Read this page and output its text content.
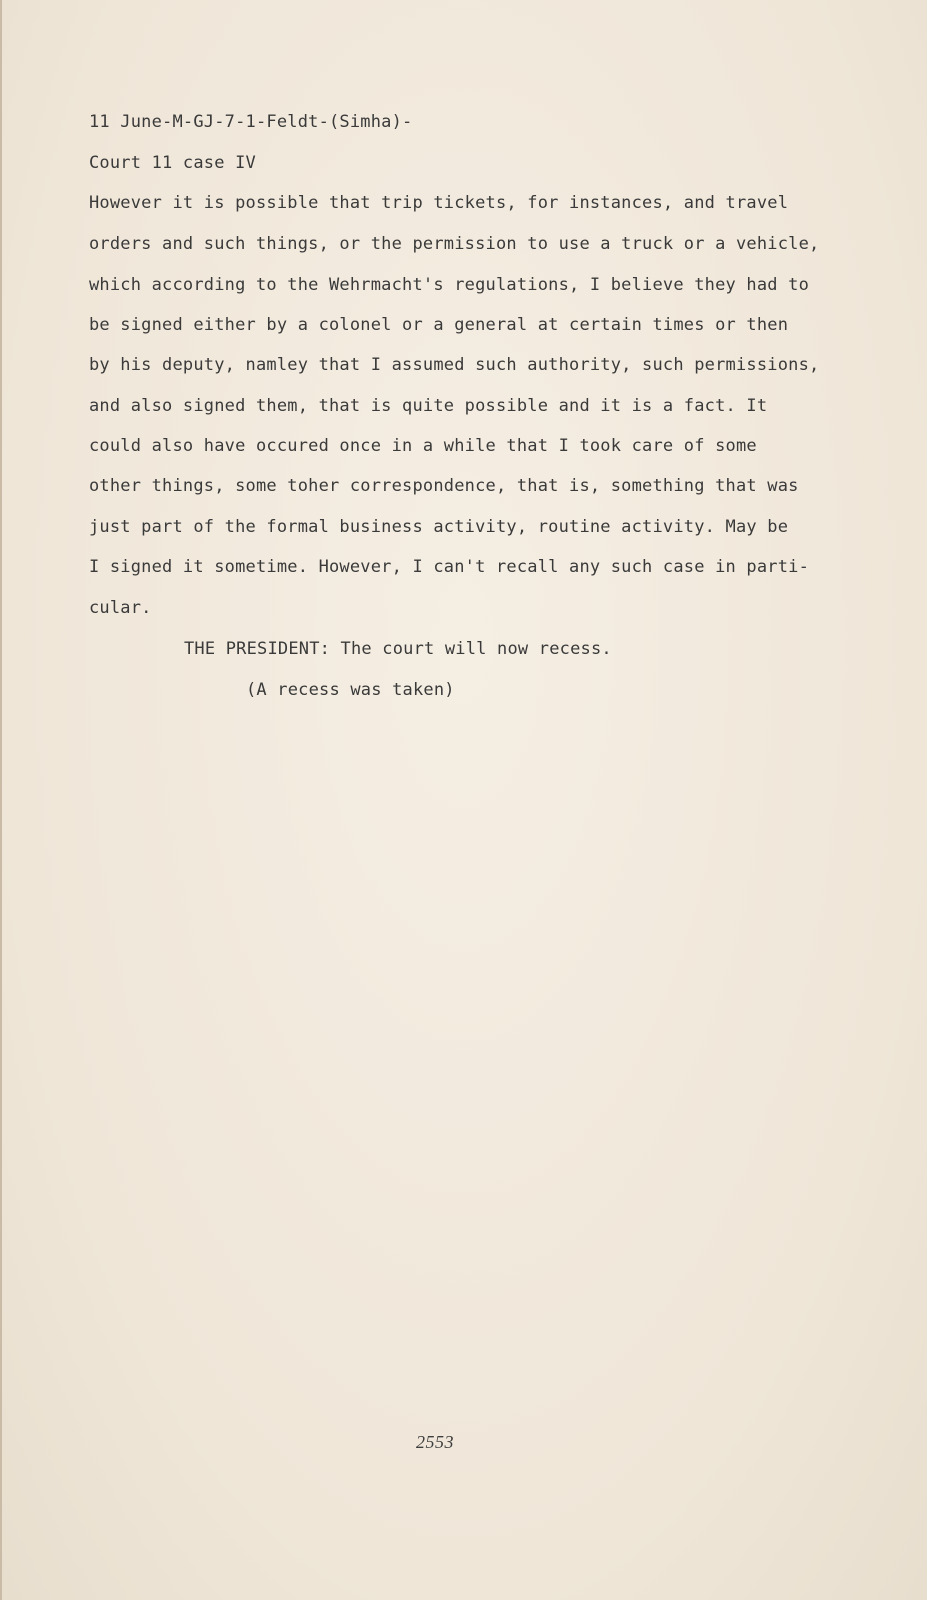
11 June-M-GJ-7-1-Feldt-(Simha)-
Court 11 case IV
However it is possible that trip tickets, for instances, and travel
orders and such things, or the permission to use a truck or a vehicle,
which according to the Wehrmacht's regulations, I believe they had to
be signed either by a colonel or a general at certain times or then
by his deputy, namley that I assumed such authority, such permissions,
and also signed them, that is quite possible and it is a fact. It
could also have occured once in a while that I took care of some
other things, some toher correspondence, that is, something that was
just part of the formal business activity, routine activity. May be
I signed it sometime. However, I can't recall any such case in parti-
cular.
THE PRESIDENT: The court will now recess.
(A recess was taken)
2553
